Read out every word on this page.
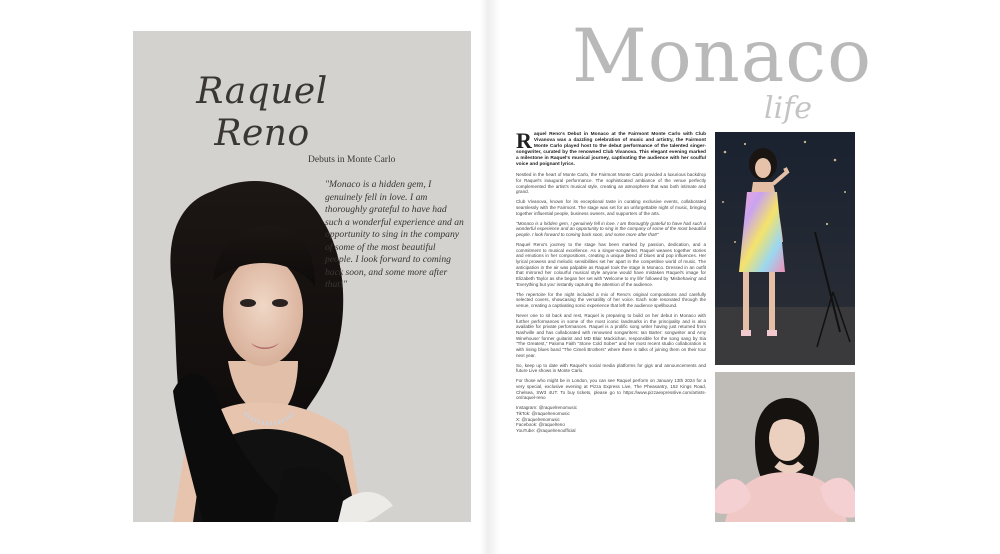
Raquel
Reno
Debuts in Monte Carlo
"Monaco is a hidden gem, I genuinely fell in love. I am thoroughly grateful to have had such a wonderful experience and an opportunity to sing in the company of some of the most beautiful people. I look forward to coming back soon, and some more after that!"
Monaco
life

Raquel Reno's Debut in Monaco at the Fairmont Monte Carlo with Club Vivanova was a dazzling celebration of music and artistry, the Fairmont Monte Carlo played host to the debut performance of the talented singer-songwriter, curated by the renowned Club Vivanova. This elegant evening marked a milestone in Raquel's musical journey, captivating the audience with her soulful voice and poignant lyrics.

Nestled in the heart of Monte Carlo, the Fairmont Monte Carlo provided a luxurious backdrop for Raquel's inaugural performance. The sophisticated ambiance of the venue perfectly complemented the artist's musical style, creating an atmosphere that was both intimate and grand.

Club Vivanova, known for its exceptional taste in curating exclusive events, collaborated seamlessly with the Fairmont. The stage was set for an unforgettable night of music, bringing together influential people, business owners, and supporters of the arts.

"Monaco is a hidden gem, I genuinely fell in love. I am thoroughly grateful to have had such a wonderful experience and an opportunity to sing in the company of some of the most beautiful people. I look forward to coming back soon, and some more after that!"

Raquel Reno's journey to the stage has been marked by passion, dedication, and a commitment to musical excellence. As a singer-songwriter, Raquel weaves together stories and emotions in her compositions, creating a unique blend of blues and pop influences. Her lyrical prowess and melodic sensibilities set her apart in the competitive world of music. The anticipation in the air was palpable as Raquel took the stage in Monaco. Dressed in an outfit that mirrored her colourful musical style anyone would have mistaken Raquel's image for Elizabeth Taylor as she began her set with 'Welcome to my life' followed by 'Misbehaving' and 'Everything but you' instantly capturing the attention of the audience.

The repertoire for the night included a mix of Reno's original compositions and carefully selected covers, showcasing the versatility of her voice. Each note resonated through the venue, creating a captivating sonic experience that left the audience spellbound.

Never one to sit back and rest, Raquel is preparing to build on her debut in Monaco with further performances in some of the most iconic landmarks in the principality and is also available for private performances. Raquel is a prolific song writer having just returned from Nashville and has collaborated with renowned songwriters: Ian Barter: songwriter and Amy Winehouse' former guitarist and MD Blair Mackichan, responsible for the song sang by Sia "The Greatest," Paloma Faith "Stone Cold Sober" and her most recent studio collaboration is with rising blues band "The Cimeli Brothers" where there is talks of joining them on their tour next year.

So, keep up to date with Raquel's social media platforms for gigs and announcements and future Live shows in Monte Carlo.

For those who might be in London, you can see Raquel perform on January 13th 2024 for a very special, exclusive evening at Pizza Express Live, The Pheasantry, 152 Kings Road, Chelsea, SW3 4UT. To buy tickets, please go to https://www.pizzaexpresslive.com/artists-on/raquel-reno

Instagram: @raquelrenomusic
TikTok: @raquelrenomusic
X: @raquelrenomusic
Facebook: @raquelreno
YouTube: @raquelrenoofficial
